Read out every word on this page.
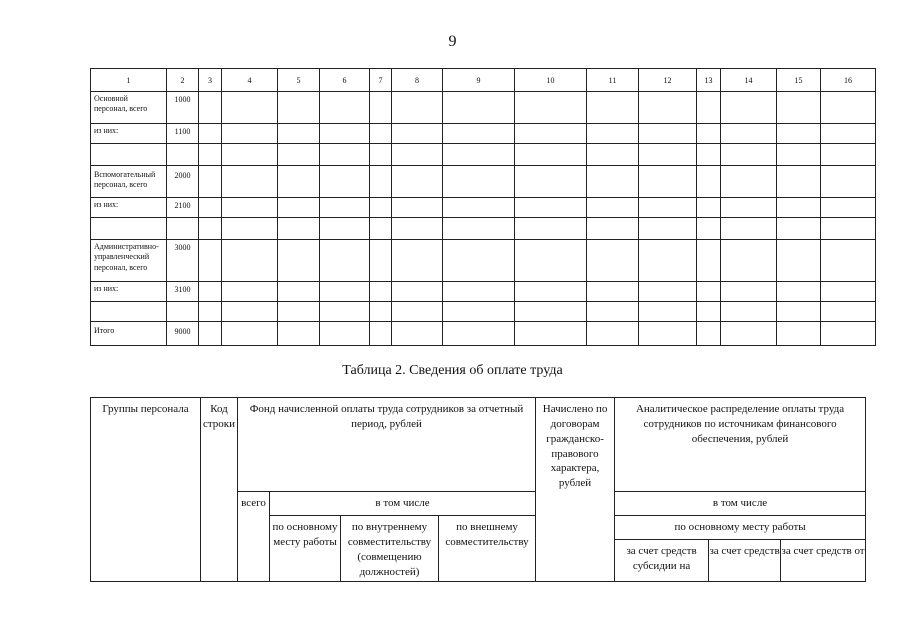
9
1	2	3	4	5	6	7	8	9	10	11	12	13	14	15	16
Основной персонал, всего	1000														
из них:	1100														

Вспомогательный персонал, всего	2000														
из них:	2100														

Административно-управленческий персонал, всего	3000														
из них:	3100														

Итого	9000														
Таблица 2. Сведения об оплате труда
Группы персонала	Код строки	Фонд начисленной оплаты труда сотрудников за отчетный период, рублей				Начислено по договорам гражданско-правового характера, рублей	Аналитическое распределение оплаты труда сотрудников по источникам финансового обеспечения, рублей		
		всего	в том числе				в том числе		
			по основному месту работы	по внутреннему совместительству (совмещению должностей)	по внешнему совместительству		по основному месту работы		
							за счет средств субсидии на	за счет средств	за счет средств от
